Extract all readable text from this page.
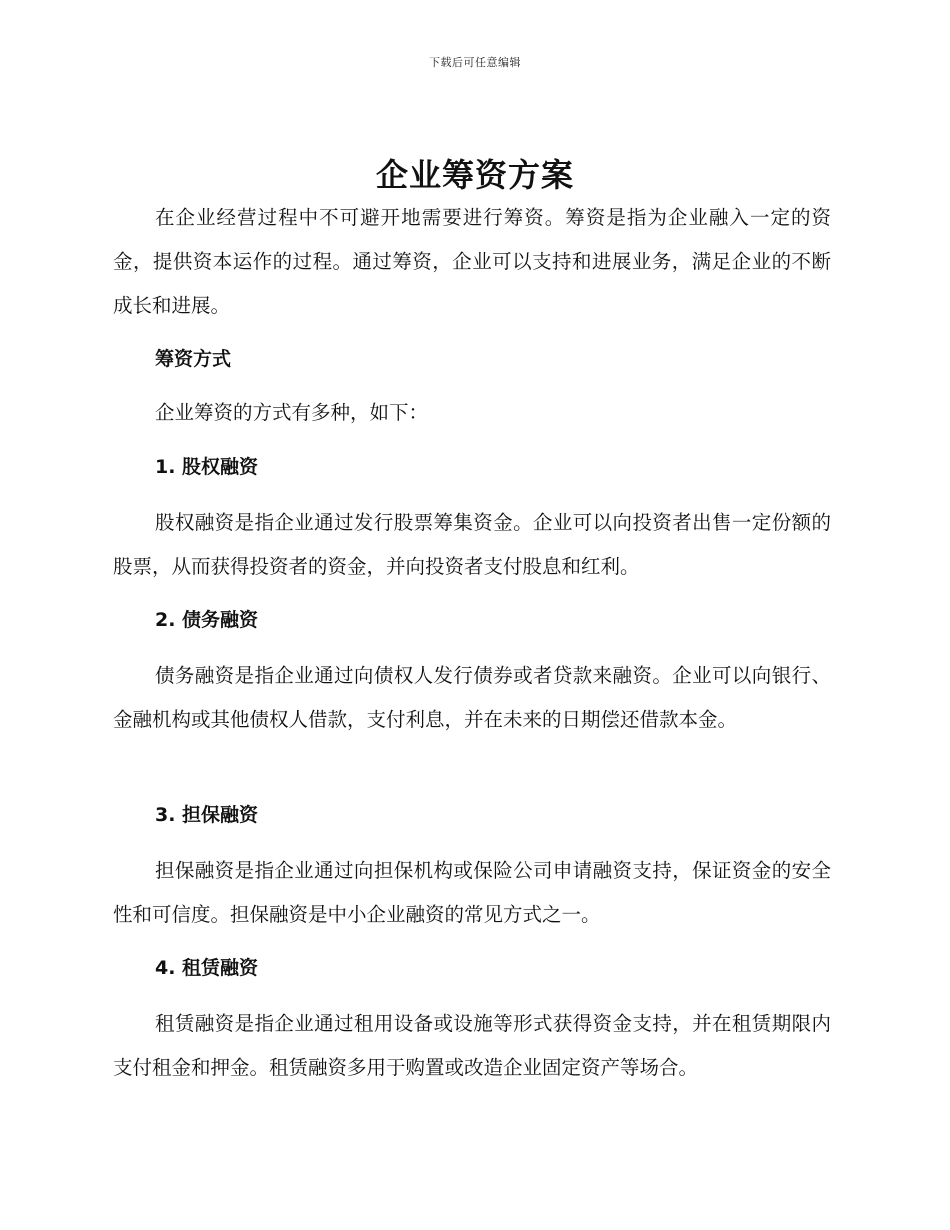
下载后可任意编辑
企业筹资方案

在企业经营过程中不可避开地需要进行筹资。筹资是指为企业融入一定的资金，提供资本运作的过程。通过筹资，企业可以支持和进展业务，满足企业的不断成长和进展。

筹资方式

企业筹资的方式有多种，如下：

1. 股权融资

股权融资是指企业通过发行股票筹集资金。企业可以向投资者出售一定份额的股票，从而获得投资者的资金，并向投资者支付股息和红利。

2. 债务融资

债务融资是指企业通过向债权人发行债券或者贷款来融资。企业可以向银行、金融机构或其他债权人借款，支付利息，并在未来的日期偿还借款本金。

3. 担保融资

担保融资是指企业通过向担保机构或保险公司申请融资支持，保证资金的安全性和可信度。担保融资是中小企业融资的常见方式之一。

4. 租赁融资

租赁融资是指企业通过租用设备或设施等形式获得资金支持，并在租赁期限内支付租金和押金。租赁融资多用于购置或改造企业固定资产等场合。
